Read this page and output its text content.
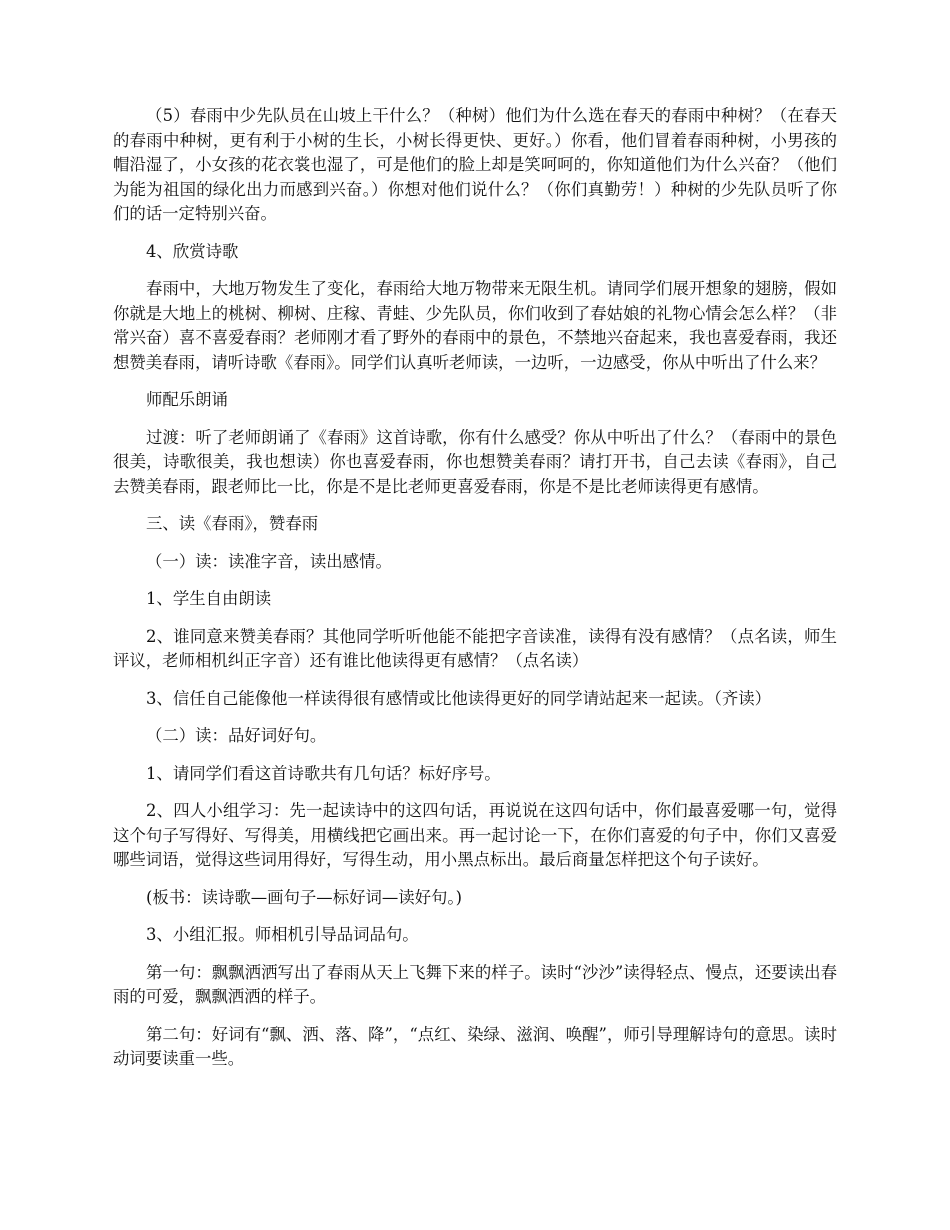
（5）春雨中少先队员在山坡上干什么？（种树）他们为什么选在春天的春雨中种树？（在春天的春雨中种树，更有利于小树的生长，小树长得更快、更好。）你看，他们冒着春雨种树，小男孩的帽沿湿了，小女孩的花衣裳也湿了，可是他们的脸上却是笑呵呵的，你知道他们为什么兴奋？（他们为能为祖国的绿化出力而感到兴奋。）你想对他们说什么？（你们真勤劳！）种树的少先队员听了你们的话一定特别兴奋。

4、欣赏诗歌

春雨中，大地万物发生了变化，春雨给大地万物带来无限生机。请同学们展开想象的翅膀，假如你就是大地上的桃树、柳树、庄稼、青蛙、少先队员，你们收到了春姑娘的礼物心情会怎么样？（非常兴奋）喜不喜爱春雨？老师刚才看了野外的春雨中的景色，不禁地兴奋起来，我也喜爱春雨，我还想赞美春雨，请听诗歌《春雨》。同学们认真听老师读，一边听，一边感受，你从中听出了什么来？

师配乐朗诵

过渡：听了老师朗诵了《春雨》这首诗歌，你有什么感受？你从中听出了什么？（春雨中的景色很美，诗歌很美，我也想读）你也喜爱春雨，你也想赞美春雨？请打开书，自己去读《春雨》，自己去赞美春雨，跟老师比一比，你是不是比老师更喜爱春雨，你是不是比老师读得更有感情。

三、读《春雨》，赞春雨

（一）读：读准字音，读出感情。

1、学生自由朗读

2、谁同意来赞美春雨？其他同学听听他能不能把字音读准，读得有没有感情？（点名读，师生评议，老师相机纠正字音）还有谁比他读得更有感情？（点名读）

3、信任自己能像他一样读得很有感情或比他读得更好的同学请站起来一起读。（齐读）

（二）读：品好词好句。

1、请同学们看这首诗歌共有几句话？标好序号。

2、四人小组学习：先一起读诗中的这四句话，再说说在这四句话中，你们最喜爱哪一句，觉得这个句子写得好、写得美，用横线把它画出来。再一起讨论一下，在你们喜爱的句子中，你们又喜爱哪些词语，觉得这些词用得好，写得生动，用小黑点标出。最后商量怎样把这个句子读好。

(板书：读诗歌—画句子—标好词—读好句。)

3、小组汇报。师相机引导品词品句。

第一句：飘飘洒洒写出了春雨从天上飞舞下来的样子。读时“沙沙”读得轻点、慢点，还要读出春雨的可爱，飘飘洒洒的样子。

第二句：好词有“飘、洒、落、降”，“点红、染绿、滋润、唤醒”，师引导理解诗句的意思。读时动词要读重一些。
